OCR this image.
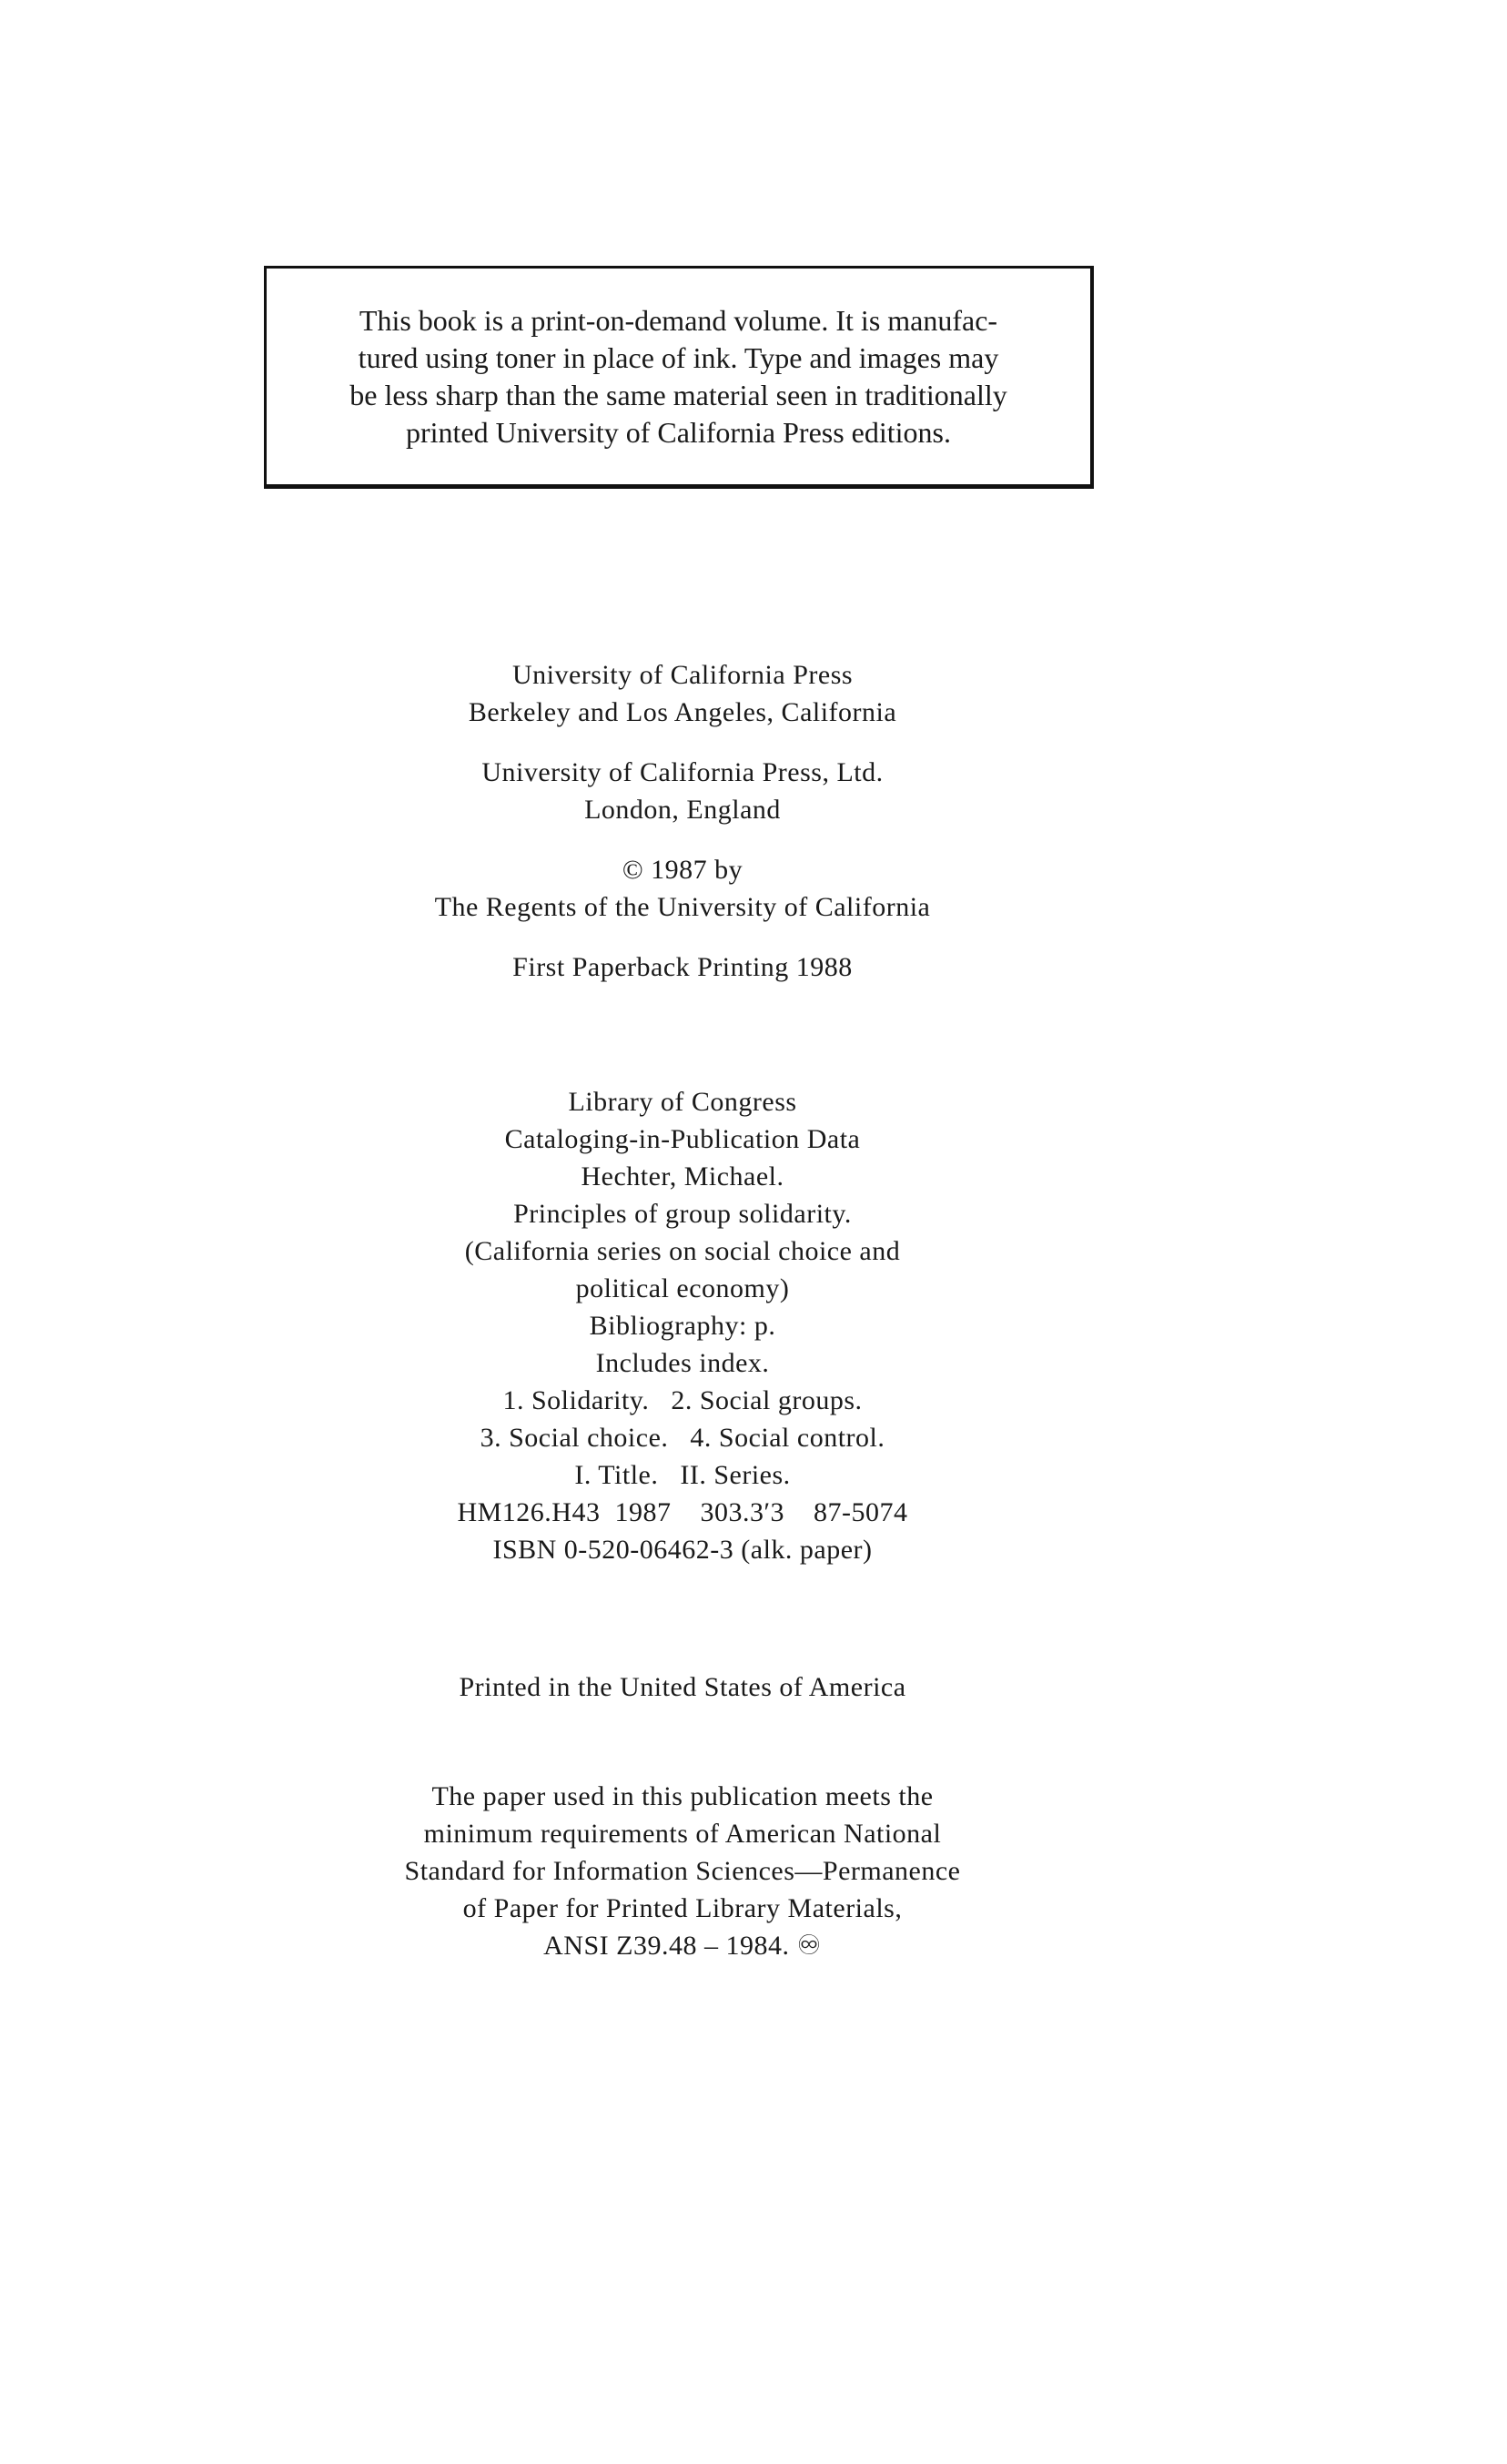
This book is a print-on-demand volume. It is manufac-
tured using toner in place of ink. Type and images may
be less sharp than the same material seen in traditionally
printed University of California Press editions.

University of California Press
Berkeley and Los Angeles, California
University of California Press, Ltd.
London, England
© 1987 by
The Regents of the University of California
First Paperback Printing 1988
Library of Congress
Cataloging-in-Publication Data
Hechter, Michael.
Principles of group solidarity.
(California series on social choice and
political economy)
Bibliography: p.
Includes index.
1. Solidarity.   2. Social groups.
3. Social choice.   4. Social control.
I. Title.   II. Series.
HM126.H43  1987    303.3′3    87-5074
ISBN 0-520-06462-3 (alk. paper)
Printed in the United States of America
The paper used in this publication meets the
minimum requirements of American National
Standard for Information Sciences—Permanence
of Paper for Printed Library Materials,
ANSI Z39.48 – 1984. ♾
